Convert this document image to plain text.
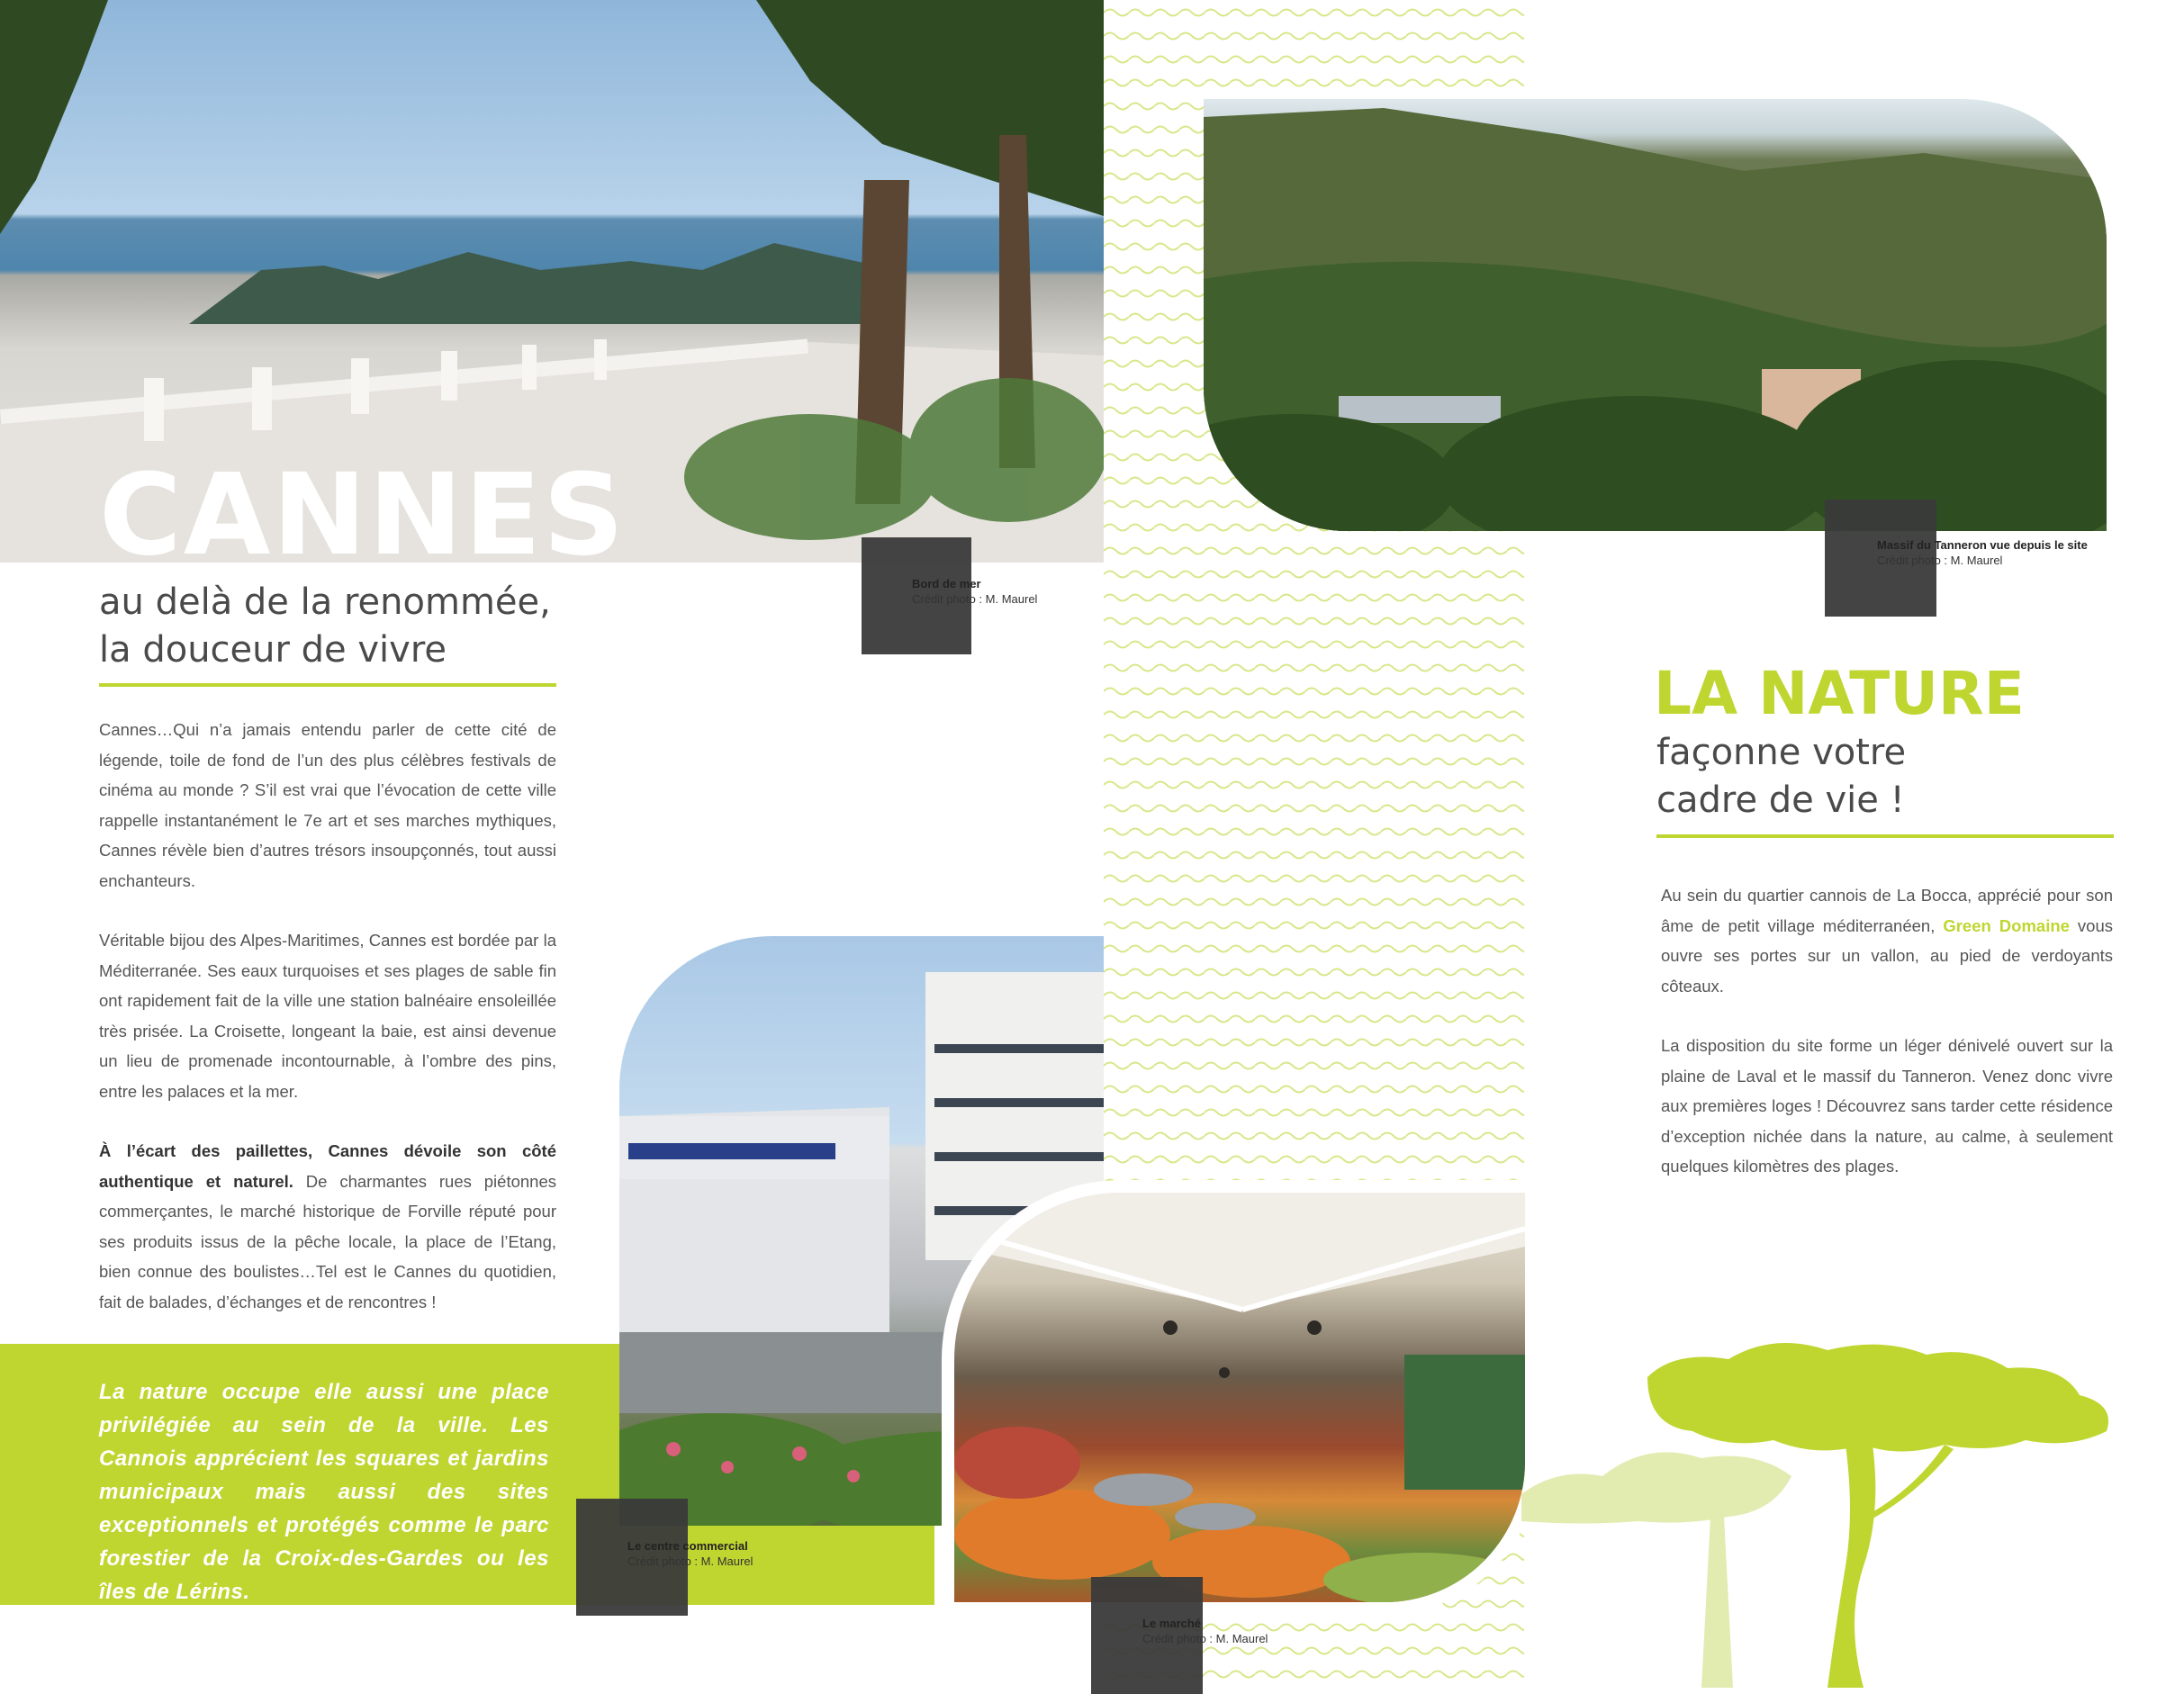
CANNES
Bord de mer
Crédit photo : M. Maurel
au delà de la renommée,
la douceur de vivre

Cannes…Qui n’a jamais entendu parler de cette cité de légende, toile de fond de l’un des plus célèbres festivals de cinéma au monde ? S’il est vrai que l’évocation de cette ville rappelle instantanément le 7e art et ses marches mythiques, Cannes révèle bien d’autres trésors insoupçonnés, tout aussi enchanteurs.

Véritable bijou des Alpes-Maritimes, Cannes est bordée par la Méditerranée. Ses eaux turquoises et ses plages de sable fin ont rapidement fait de la ville une station balnéaire ensoleillée très prisée. La Croisette, longeant la baie, est ainsi devenue un lieu de promenade incontournable, à l’ombre des pins, entre les palaces et la mer.

À l’écart des paillettes, Cannes dévoile son côté authentique et naturel. De charmantes rues piétonnes commerçantes, le marché historique de Forville réputé pour ses produits issus de la pêche locale, la place de l’Etang, bien connue des boulistes…Tel est le Cannes du quotidien, fait de balades, d’échanges et de rencontres !

La nature occupe elle aussi une place privilégiée au sein de la ville. Les Cannois apprécient les squares et jardins municipaux mais aussi des sites exceptionnels et protégés comme le parc forestier de la Croix-des-Gardes ou les îles de Lérins.
Le centre commercial
Crédit photo : M. Maurel
Le marché
Crédit photo : M. Maurel
Massif du Tanneron vue depuis le site
Crédit photo : M. Maurel
LA NATURE
façonne votre
cadre de vie !

Au sein du quartier cannois de La Bocca, apprécié pour son âme de petit village méditerranéen, Green Domaine vous ouvre ses portes sur un vallon, au pied de verdoyants côteaux.

La disposition du site forme un léger dénivelé ouvert sur la plaine de Laval et le massif du Tanneron. Venez donc vivre aux premières loges ! Découvrez sans tarder cette résidence d’exception nichée dans la nature, au calme, à seulement quelques kilomètres des plages.
